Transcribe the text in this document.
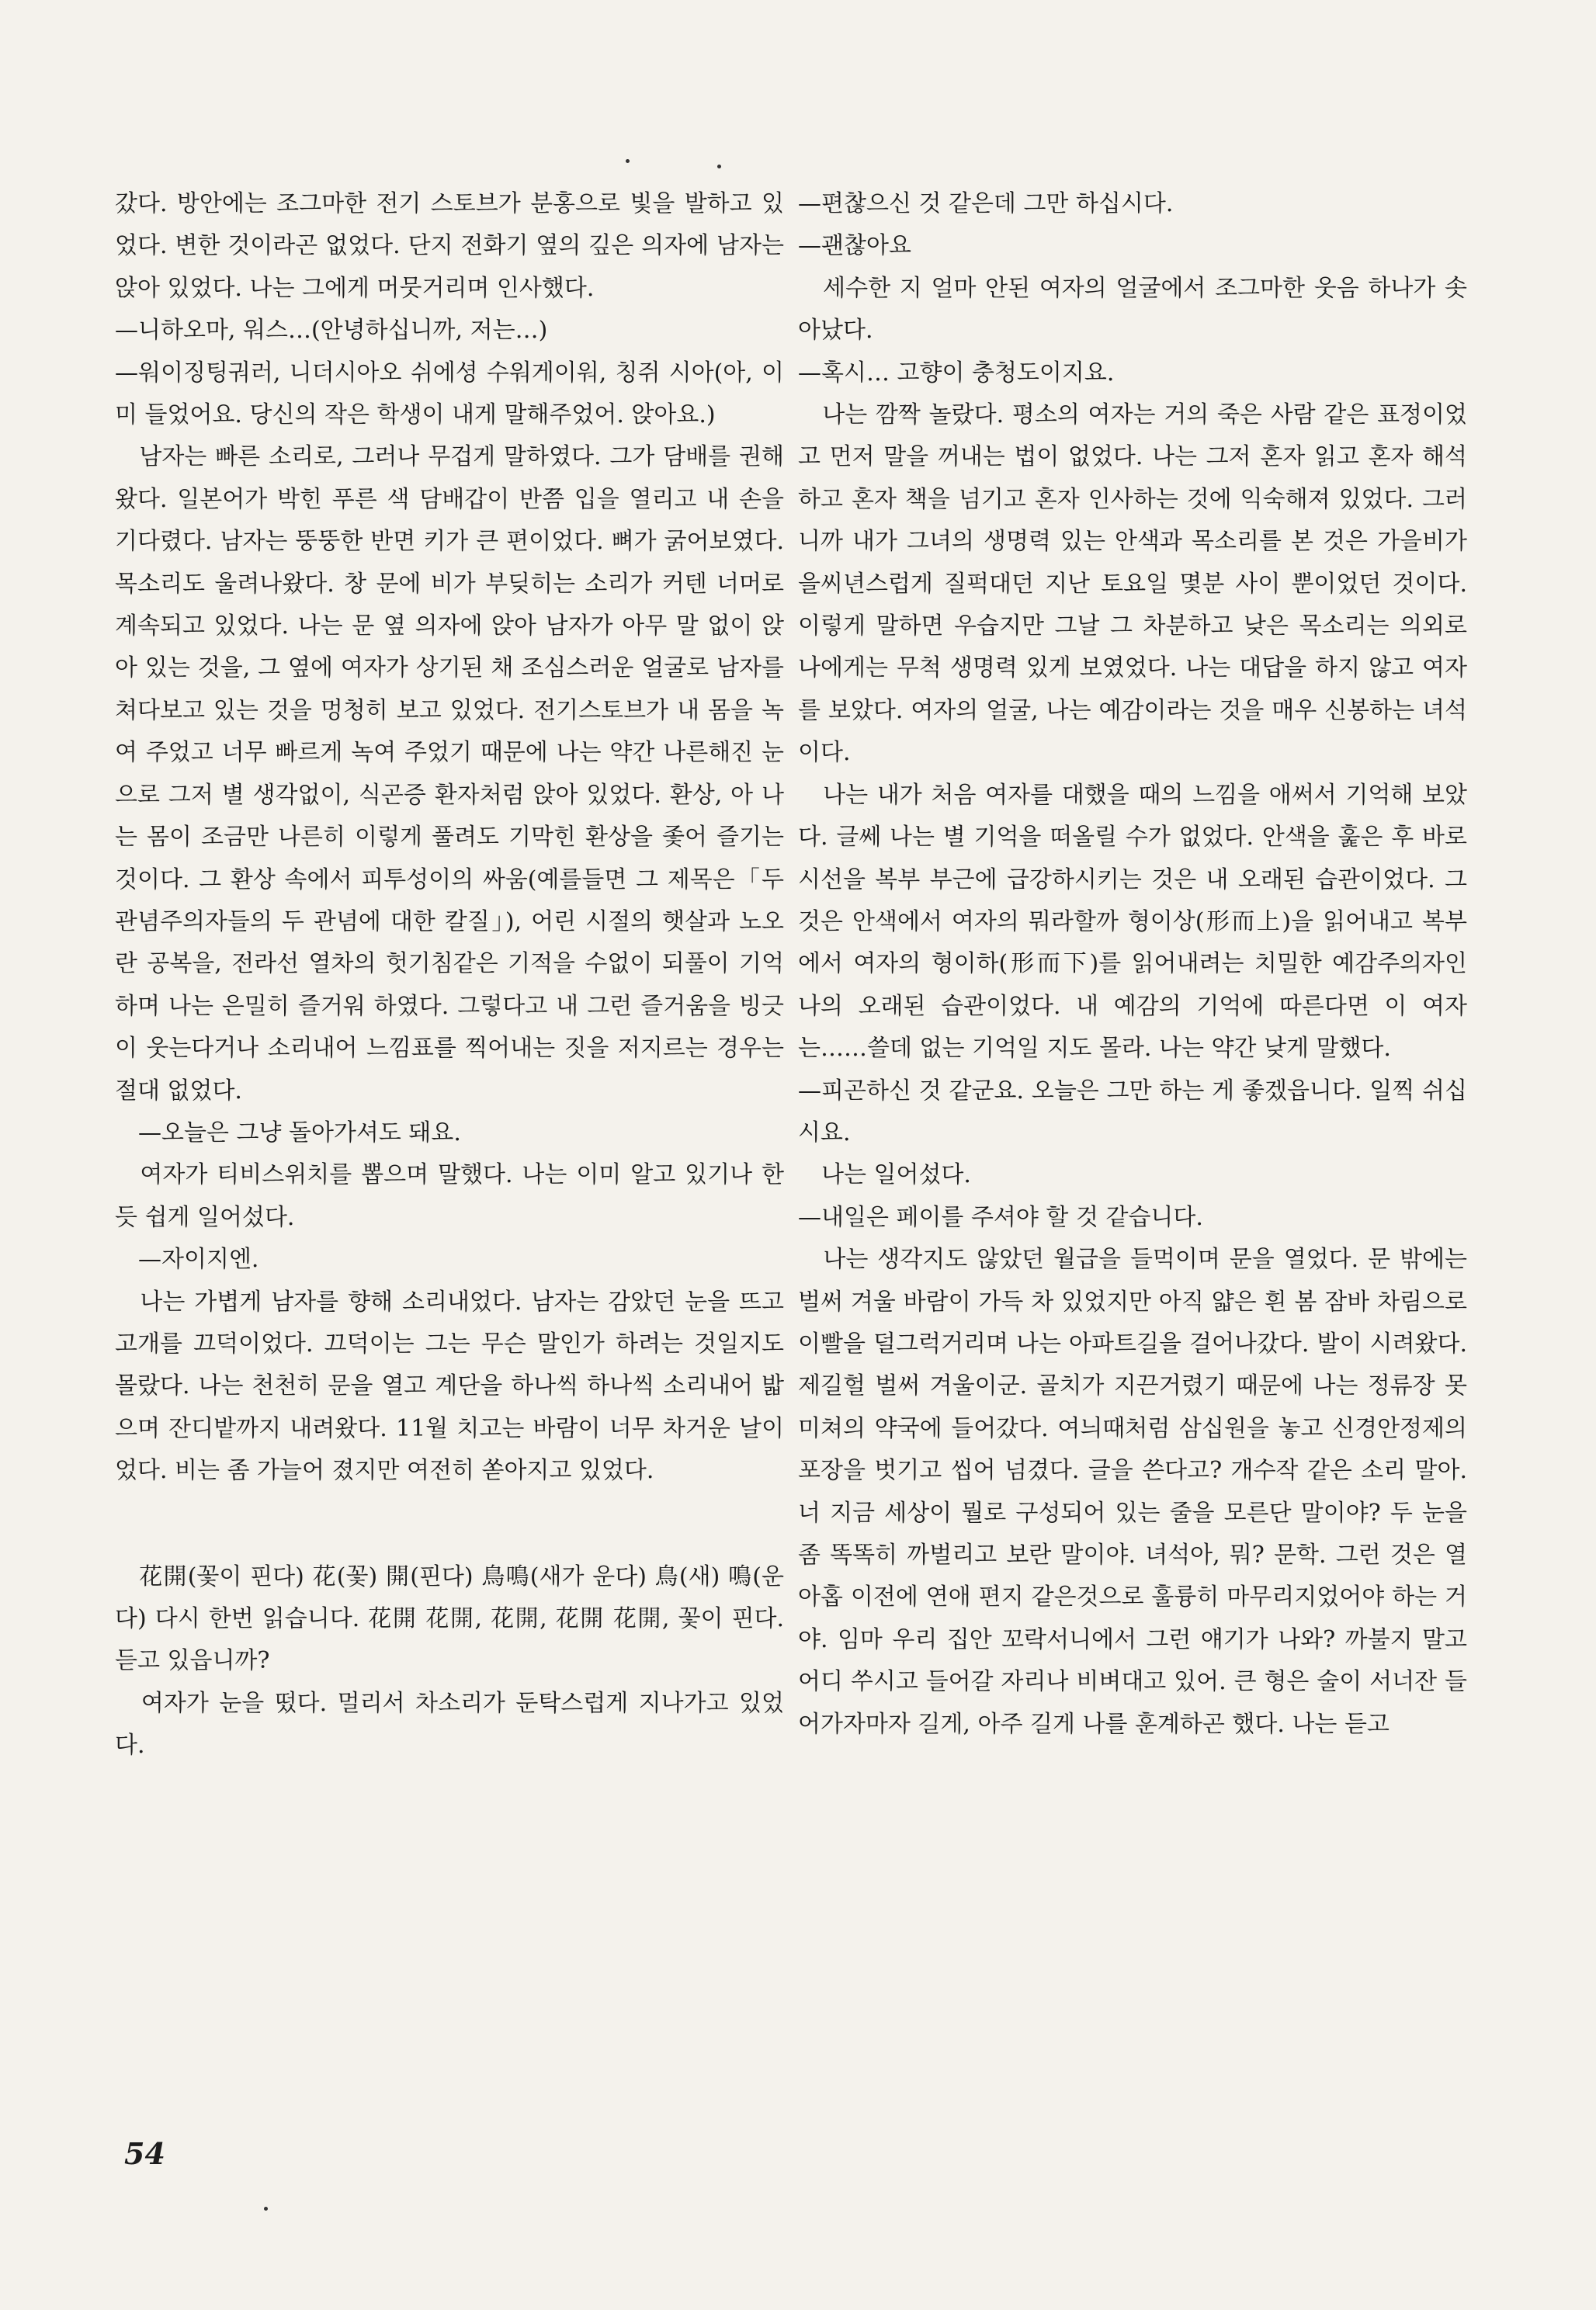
갔다. 방안에는 조그마한 전기 스토브가 분홍으로 빛을 발하고 있었다. 변한 것이라곤 없었다. 단지 전화기 옆의 깊은 의자에 남자는 앉아 있었다. 나는 그에게 머뭇거리며 인사했다.

—니하오마, 워스…(안녕하십니까, 저는…)

—워이징팅궈러, 니더시아오 쉬에셩 수워게이워, 칭쥐 시아(아, 이미 들었어요. 당신의 작은 학생이 내게 말해주었어. 앉아요.)

　남자는 빠른 소리로, 그러나 무겁게 말하였다. 그가 담배를 권해 왔다. 일본어가 박힌 푸른 색 담배갑이 반쯤 입을 열리고 내 손을 기다렸다. 남자는 뚱뚱한 반면 키가 큰 편이었다. 뼈가 굵어보였다. 목소리도 울려나왔다. 창 문에 비가 부딪히는 소리가 커텐 너머로 계속되고 있었다. 나는 문 옆 의자에 앉아 남자가 아무 말 없이 앉아 있는 것을, 그 옆에 여자가 상기된 채 조심스러운 얼굴로 남자를 쳐다보고 있는 것을 멍청히 보고 있었다. 전기스토브가 내 몸을 녹여 주었고 너무 빠르게 녹여 주었기 때문에 나는 약간 나른해진 눈으로 그저 별 생각없이, 식곤증 환자처럼 앉아 있었다. 환상, 아 나는 몸이 조금만 나른히 이렇게 풀려도 기막힌 환상을 좇어 즐기는 것이다. 그 환상 속에서 피투성이의 싸움(예를들면 그 제목은「두 관념주의자들의 두 관념에 대한 칼질」), 어린 시절의 햇살과 노오란 공복을, 전라선 열차의 헛기침같은 기적을 수없이 되풀이 기억하며 나는 은밀히 즐거워 하였다. 그렇다고 내 그런 즐거움을 빙긋이 웃는다거나 소리내어 느낌표를 찍어내는 짓을 저지르는 경우는 절대 없었다.

　—오늘은 그냥 돌아가셔도 돼요.

　여자가 티비스위치를 뽑으며 말했다. 나는 이미 알고 있기나 한듯 쉽게 일어섰다.

　—자이지엔.

　나는 가볍게 남자를 향해 소리내었다. 남자는 감았던 눈을 뜨고 고개를 끄덕이었다. 끄덕이는 그는 무슨 말인가 하려는 것일지도 몰랐다. 나는 천천히 문을 열고 계단을 하나씩 하나씩 소리내어 밟으며 잔디밭까지 내려왔다. 11월 치고는 바람이 너무 차거운 날이었다. 비는 좀 가늘어 졌지만 여전히 쏟아지고 있었다.

　花開(꽃이 핀다) 花(꽃) 開(핀다) 鳥鳴(새가 운다) 鳥(새) 鳴(운다) 다시 한번 읽습니다. 花開 花開, 花開, 花開 花開, 꽃이 핀다. 듣고 있읍니까?

　여자가 눈을 떴다. 멀리서 차소리가 둔탁스럽게 지나가고 있었다.

—편찮으신 것 같은데 그만 하십시다.

—괜찮아요

　세수한 지 얼마 안된 여자의 얼굴에서 조그마한 웃음 하나가 솟아났다.

—혹시… 고향이 충청도이지요.

　나는 깜짝 놀랐다. 평소의 여자는 거의 죽은 사람 같은 표정이었고 먼저 말을 꺼내는 법이 없었다. 나는 그저 혼자 읽고 혼자 해석하고 혼자 책을 넘기고 혼자 인사하는 것에 익숙해져 있었다. 그러니까 내가 그녀의 생명력 있는 안색과 목소리를 본 것은 가을비가 을씨년스럽게 질퍽대던 지난 토요일 몇분 사이 뿐이었던 것이다. 이렇게 말하면 우습지만 그날 그 차분하고 낮은 목소리는 의외로 나에게는 무척 생명력 있게 보였었다. 나는 대답을 하지 않고 여자를 보았다. 여자의 얼굴, 나는 예감이라는 것을 매우 신봉하는 녀석이다.

　나는 내가 처음 여자를 대했을 때의 느낌을 애써서 기억해 보았다. 글쎄 나는 별 기억을 떠올릴 수가 없었다. 안색을 훑은 후 바로 시선을 복부 부근에 급강하시키는 것은 내 오래된 습관이었다. 그것은 안색에서 여자의 뭐라할까 형이상(形而上)을 읽어내고 복부에서 여자의 형이하(形而下)를 읽어내려는 치밀한 예감주의자인 나의 오래된 습관이었다. 내 예감의 기억에 따른다면 이 여자는……쓸데 없는 기억일 지도 몰라. 나는 약간 낮게 말했다.

—피곤하신 것 같군요. 오늘은 그만 하는 게 좋겠읍니다. 일찍 쉬십시요.

　나는 일어섰다.

—내일은 페이를 주셔야 할 것 같습니다.

　나는 생각지도 않았던 월급을 들먹이며 문을 열었다. 문 밖에는 벌써 겨울 바람이 가득 차 있었지만 아직 얇은 흰 봄 잠바 차림으로 이빨을 덜그럭거리며 나는 아파트길을 걸어나갔다. 발이 시려왔다. 제길헐 벌써 겨울이군. 골치가 지끈거렸기 때문에 나는 정류장 못미쳐의 약국에 들어갔다. 여늬때처럼 삼십원을 놓고 신경안정제의 포장을 벗기고 씹어 넘겼다. 글을 쓴다고? 개수작 같은 소리 말아. 너 지금 세상이 뭘로 구성되어 있는 줄을 모른단 말이야? 두 눈을 좀 똑똑히 까벌리고 보란 말이야. 녀석아, 뭐? 문학. 그런 것은 열아홉 이전에 연애 편지 같은것으로 훌륭히 마무리지었어야 하는 거야. 임마 우리 집안 꼬락서니에서 그런 얘기가 나와? 까불지 말고 어디 쑤시고 들어갈 자리나 비벼대고 있어. 큰 형은 술이 서너잔 들어가자마자 길게, 아주 길게 나를 훈계하곤 했다. 나는 듣고

54
